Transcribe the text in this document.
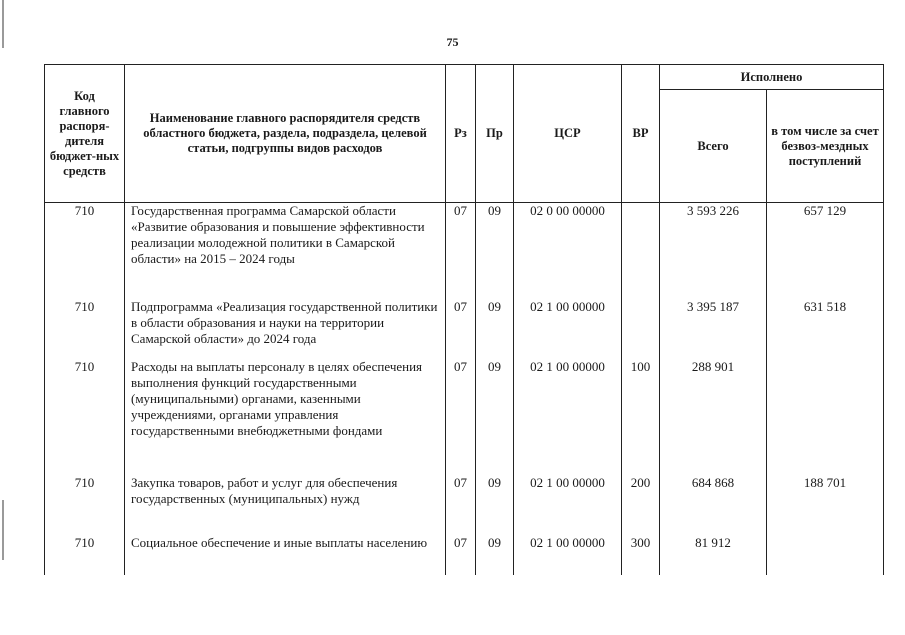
75
Код главного распоря-дителя бюджет-ных средств	Наименование главного распорядителя средств областного бюджета, раздела, подраздела, целевой статьи, подгруппы видов расходов	Рз	Пр	ЦСР	ВР	Исполнено	
						Всего	в том числе за счет безвоз-мездных поступлений
710	Государственная программа Самарской области «Развитие образования и повышение эффективности реализации молодежной политики в Самарской области» на 2015 – 2024 годы	07	09	02 0 00 00000		3 593 226	657 129
710	Подпрограмма «Реализация государственной политики в области образования и науки на территории Самарской области» до 2024 года	07	09	02 1 00 00000		3 395 187	631 518
710	Расходы на выплаты персоналу в целях обеспечения выполнения функций государственными (муниципальными) органами, казенными учреждениями, органами управления государственными внебюджетными фондами	07	09	02 1 00 00000	100	288 901	
710	Закупка товаров, работ и услуг для обеспечения государственных (муниципальных) нужд	07	09	02 1 00 00000	200	684 868	188 701
710	Социальное обеспечение и иные выплаты населению	07	09	02 1 00 00000	300	81 912	
